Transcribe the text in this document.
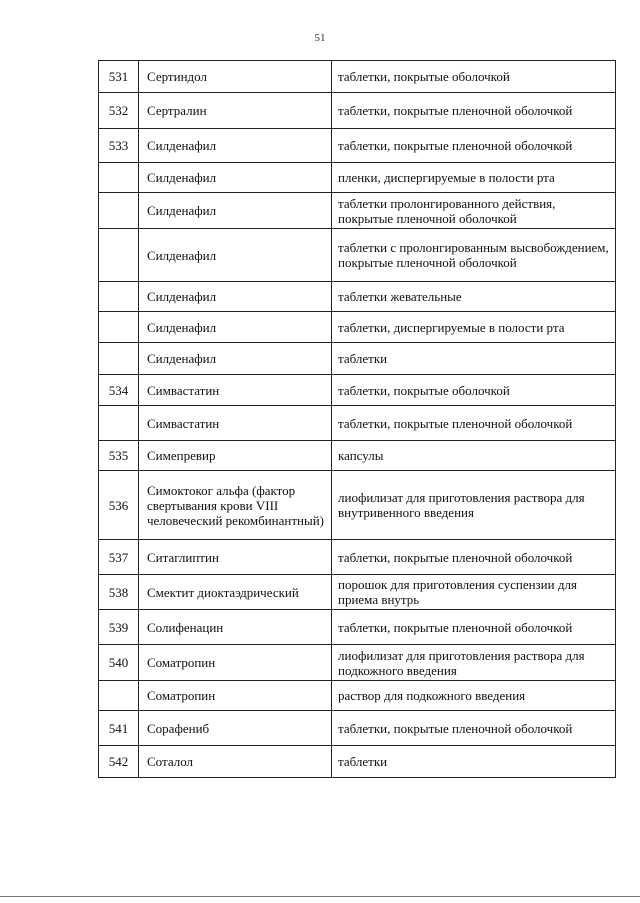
51
531	Сертиндол	таблетки, покрытые оболочкой
532	Сертралин	таблетки, покрытые пленочной оболочкой
533	Силденафил	таблетки, покрытые пленочной оболочкой
	Силденафил	пленки, диспергируемые в полости рта
	Силденафил	таблетки пролонгированного действия, покрытые пленочной оболочкой
	Силденафил	таблетки с пролонгированным высвобождением, покрытые пленочной оболочкой
	Силденафил	таблетки жевательные
	Силденафил	таблетки, диспергируемые в полости рта
	Силденафил	таблетки
534	Симвастатин	таблетки, покрытые оболочкой
	Симвастатин	таблетки, покрытые пленочной оболочкой
535	Симепревир	капсулы
536	Симоктоког альфа (фактор свертывания крови VIII человеческий рекомбинантный)	лиофилизат для приготовления раствора для внутривенного введения
537	Ситаглиптин	таблетки, покрытые пленочной оболочкой
538	Смектит диоктаэдрический	порошок для приготовления суспензии для приема внутрь
539	Солифенацин	таблетки, покрытые пленочной оболочкой
540	Соматропин	лиофилизат для приготовления раствора для подкожного введения
	Соматропин	раствор для подкожного введения
541	Сорафениб	таблетки, покрытые пленочной оболочкой
542	Соталол	таблетки
